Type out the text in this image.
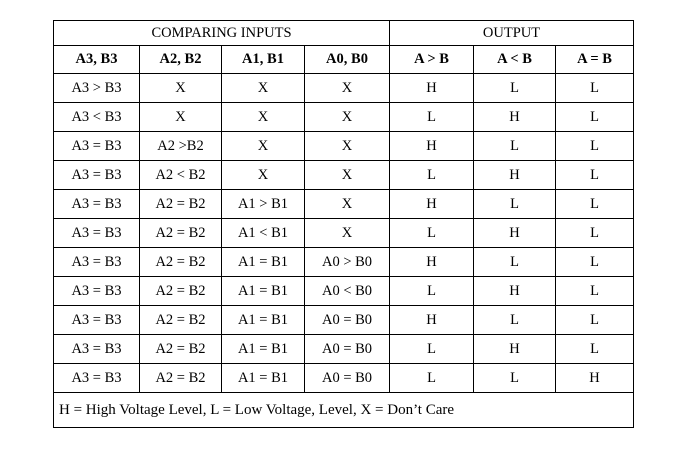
COMPARING INPUTS				OUTPUT		
A3, B3	A2, B2	A1, B1	A0, B0	A > B	A < B	A = B
A3 > B3	X	X	X	H	L	L
A3 < B3	X	X	X	L	H	L
A3 = B3	A2 >B2	X	X	H	L	L
A3 = B3	A2 < B2	X	X	L	H	L
A3 = B3	A2 = B2	A1 > B1	X	H	L	L
A3 = B3	A2 = B2	A1 < B1	X	L	H	L
A3 = B3	A2 = B2	A1 = B1	A0 > B0	H	L	L
A3 = B3	A2 = B2	A1 = B1	A0 < B0	L	H	L
A3 = B3	A2 = B2	A1 = B1	A0 = B0	H	L	L
A3 = B3	A2 = B2	A1 = B1	A0 = B0	L	H	L
A3 = B3	A2 = B2	A1 = B1	A0 = B0	L	L	H
H = High Voltage Level, L = Low Voltage, Level, X = Don’t Care						
